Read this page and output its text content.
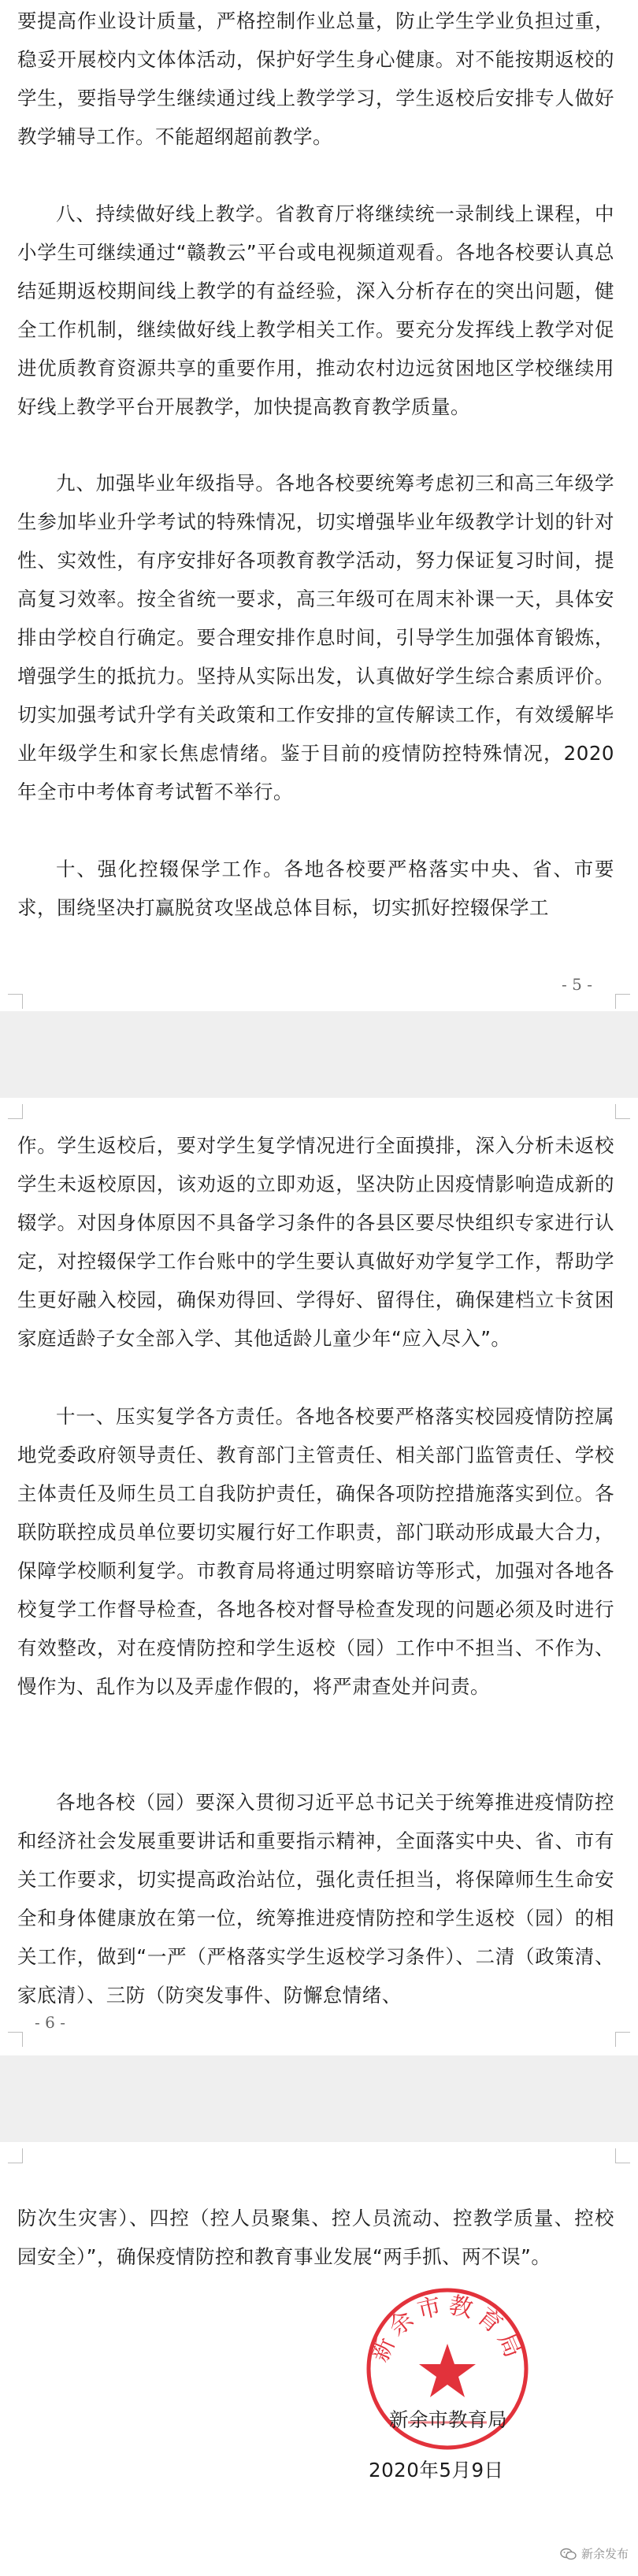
要提高作业设计质量，严格控制作业总量，防止学生学业负担过重，稳妥开展校内文体体活动，保护好学生身心健康。对不能按期返校的学生，要指导学生继续通过线上教学学习，学生返校后安排专人做好教学辅导工作。不能超纲超前教学。

八、持续做好线上教学。省教育厅将继续统一录制线上课程，中小学生可继续通过“赣教云”平台或电视频道观看。各地各校要认真总结延期返校期间线上教学的有益经验，深入分析存在的突出问题，健全工作机制，继续做好线上教学相关工作。要充分发挥线上教学对促进优质教育资源共享的重要作用，推动农村边远贫困地区学校继续用好线上教学平台开展教学，加快提高教育教学质量。

九、加强毕业年级指导。各地各校要统筹考虑初三和高三年级学生参加毕业升学考试的特殊情况，切实增强毕业年级教学计划的针对性、实效性，有序安排好各项教育教学活动，努力保证复习时间，提高复习效率。按全省统一要求，高三年级可在周末补课一天，具体安排由学校自行确定。要合理安排作息时间，引导学生加强体育锻炼，增强学生的抵抗力。坚持从实际出发，认真做好学生综合素质评价。切实加强考试升学有关政策和工作安排的宣传解读工作，有效缓解毕业年级学生和家长焦虑情绪。鉴于目前的疫情防控特殊情况，2020年全市中考体育考试暂不举行。

十、强化控辍保学工作。各地各校要严格落实中央、省、市要求，围绕坚决打赢脱贫攻坚战总体目标，切实抓好控辍保学工

- 5 -

作。学生返校后，要对学生复学情况进行全面摸排，深入分析未返校学生未返校原因，该劝返的立即劝返，坚决防止因疫情影响造成新的辍学。对因身体原因不具备学习条件的各县区要尽快组织专家进行认定，对控辍保学工作台账中的学生要认真做好劝学复学工作，帮助学生更好融入校园，确保劝得回、学得好、留得住，确保建档立卡贫困家庭适龄子女全部入学、其他适龄儿童少年“应入尽入”。

十一、压实复学各方责任。各地各校要严格落实校园疫情防控属地党委政府领导责任、教育部门主管责任、相关部门监管责任、学校主体责任及师生员工自我防护责任，确保各项防控措施落实到位。各联防联控成员单位要切实履行好工作职责，部门联动形成最大合力，保障学校顺利复学。市教育局将通过明察暗访等形式，加强对各地各校复学工作督导检查，各地各校对督导检查发现的问题必须及时进行有效整改，对在疫情防控和学生返校（园）工作中不担当、不作为、慢作为、乱作为以及弄虚作假的，将严肃查处并问责。

各地各校（园）要深入贯彻习近平总书记关于统筹推进疫情防控和经济社会发展重要讲话和重要指示精神，全面落实中央、省、市有关工作要求，切实提高政治站位，强化责任担当，将保障师生生命安全和身体健康放在第一位，统筹推进疫情防控和学生返校（园）的相关工作，做到“一严（严格落实学生返校学习条件）、二清（政策清、家底清）、三防（防突发事件、防懈怠情绪、

- 6 -

防次生灾害）、四控（控人员聚集、控人员流动、控教学质量、控校园安全）”，确保疫情防控和教育事业发展“两手抓、两不误”。

新余市教育局
新余市教育局
2020年5月9日
新余发布
